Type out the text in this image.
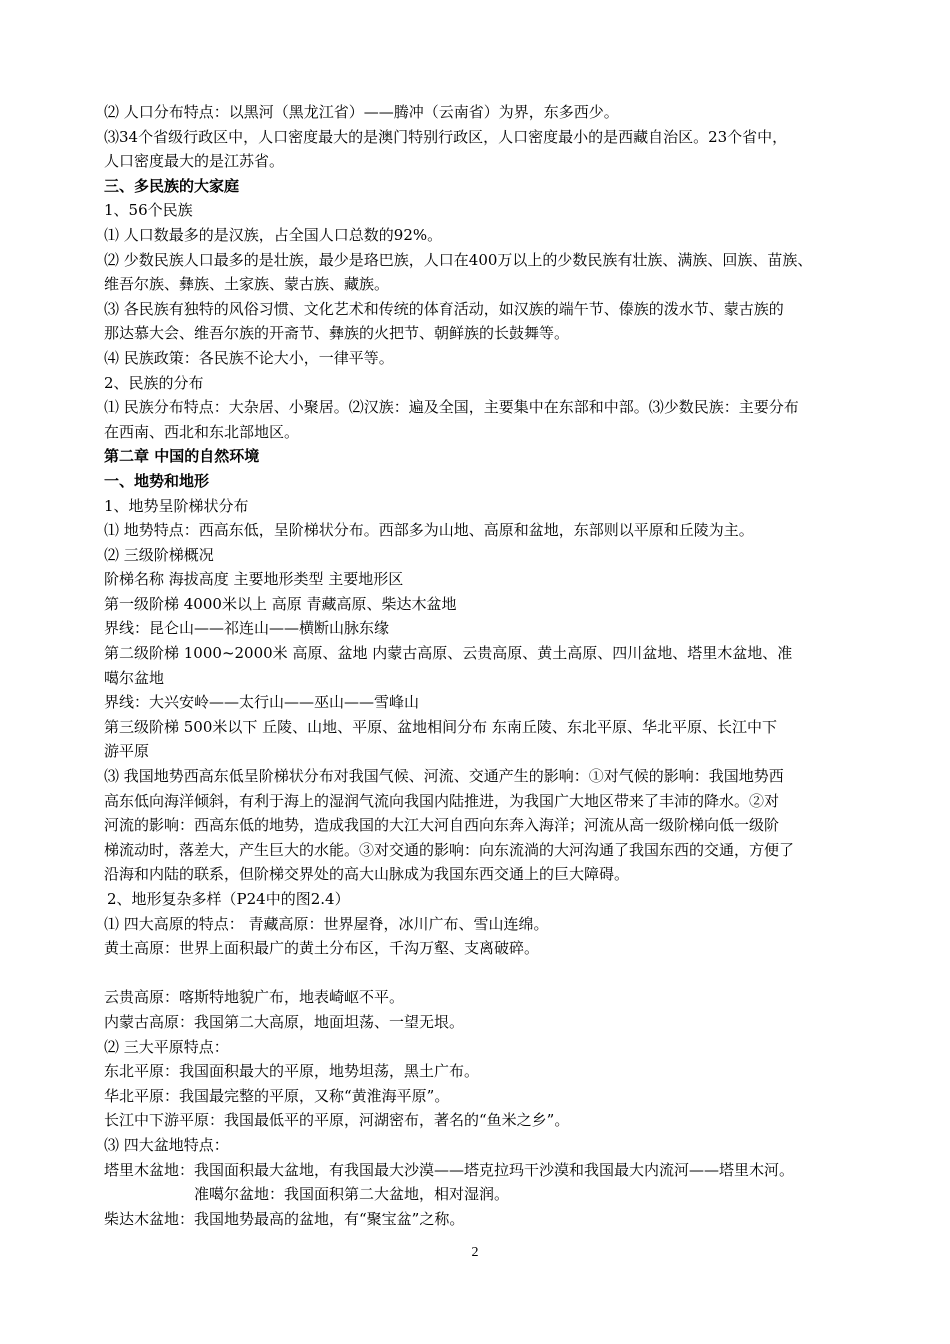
⑵ 人口分布特点：以黑河（黑龙江省）——腾冲（云南省）为界，东多西少。
⑶34个省级行政区中，人口密度最大的是澳门特别行政区，人口密度最小的是西藏自治区。23个省中，
人口密度最大的是江苏省。
三、多民族的大家庭
1、56个民族
⑴ 人口数最多的是汉族，占全国人口总数的92%。
⑵ 少数民族人口最多的是壮族，最少是珞巴族，人口在400万以上的少数民族有壮族、满族、回族、苗族、
维吾尔族、彝族、土家族、蒙古族、藏族。
⑶ 各民族有独特的风俗习惯、文化艺术和传统的体育活动，如汉族的端午节、傣族的泼水节、蒙古族的
那达慕大会、维吾尔族的开斋节、彝族的火把节、朝鲜族的长鼓舞等。
⑷ 民族政策：各民族不论大小，一律平等。
2、民族的分布
⑴ 民族分布特点：大杂居、小聚居。⑵汉族：遍及全国，主要集中在东部和中部。⑶少数民族：主要分布
在西南、西北和东北部地区。
第二章 中国的自然环境
一、地势和地形
1、地势呈阶梯状分布
⑴ 地势特点：西高东低，呈阶梯状分布。西部多为山地、高原和盆地，东部则以平原和丘陵为主。
⑵ 三级阶梯概况
阶梯名称 海拔高度 主要地形类型 主要地形区
第一级阶梯 4000米以上 高原 青藏高原、柴达木盆地
界线：昆仑山——祁连山——横断山脉东缘
第二级阶梯 1000~2000米 高原、盆地 内蒙古高原、云贵高原、黄土高原、四川盆地、塔里木盆地、准
噶尔盆地
界线：大兴安岭——太行山——巫山——雪峰山
第三级阶梯 500米以下 丘陵、山地、平原、盆地相间分布 东南丘陵、东北平原、华北平原、长江中下
游平原
⑶ 我国地势西高东低呈阶梯状分布对我国气候、河流、交通产生的影响：①对气候的影响：我国地势西
高东低向海洋倾斜，有利于海上的湿润气流向我国内陆推进，为我国广大地区带来了丰沛的降水。②对
河流的影响：西高东低的地势，造成我国的大江大河自西向东奔入海洋；河流从高一级阶梯向低一级阶
梯流动时，落差大，产生巨大的水能。③对交通的影响：向东流淌的大河沟通了我国东西的交通，方便了
沿海和内陆的联系，但阶梯交界处的高大山脉成为我国东西交通上的巨大障碍。
2、地形复杂多样（P24中的图2.4）
⑴ 四大高原的特点： 青藏高原：世界屋脊，冰川广布、雪山连绵。
黄土高原：世界上面积最广的黄土分布区，千沟万壑、支离破碎。
云贵高原：喀斯特地貌广布，地表崎岖不平。
内蒙古高原：我国第二大高原，地面坦荡、一望无垠。
⑵ 三大平原特点：
东北平原：我国面积最大的平原，地势坦荡，黑土广布。
华北平原：我国最完整的平原，又称“黄淮海平原”。
长江中下游平原：我国最低平的平原，河湖密布，著名的“鱼米之乡”。
⑶ 四大盆地特点：
塔里木盆地：我国面积最大盆地，有我国最大沙漠——塔克拉玛干沙漠和我国最大内流河——塔里木河。
准噶尔盆地：我国面积第二大盆地，相对湿润。
柴达木盆地：我国地势最高的盆地，有“聚宝盆”之称。
2
